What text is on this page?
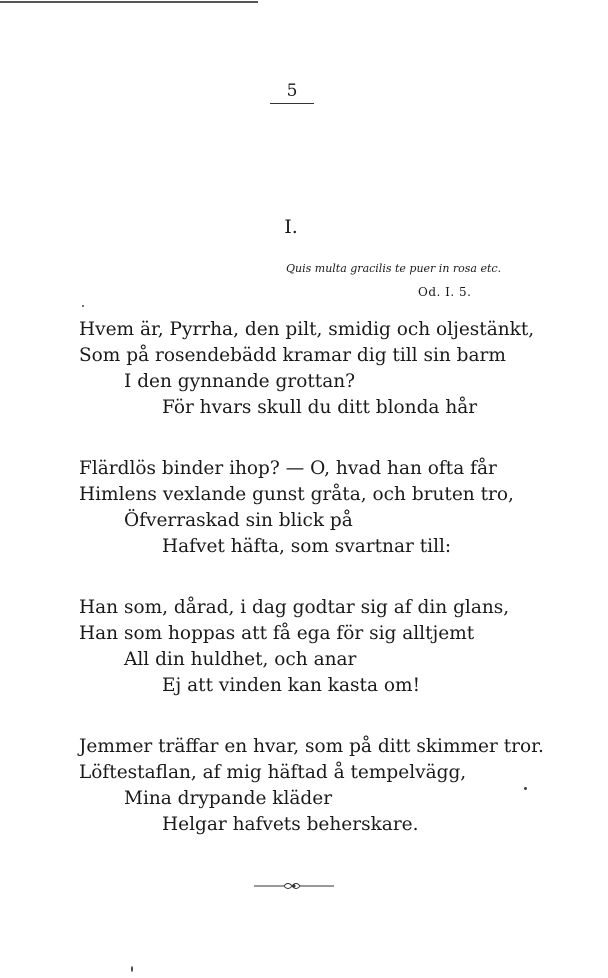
5
I.
Quis multa gracilis te puer in rosa etc.
Od. I. 5.
Hvem är, Pyrrha, den pilt, smidig och oljestänkt,
Som på rosendebädd kramar dig till sin barm
I den gynnande grottan?
För hvars skull du ditt blonda hår
Flärdlös binder ihop? — O, hvad han ofta får
Himlens vexlande gunst gråta, och bruten tro,
Öfverraskad sin blick på
Hafvet häfta, som svartnar till:
Han som, dårad, i dag godtar sig af din glans,
Han som hoppas att få ega för sig alltjemt
All din huldhet, och anar
Ej att vinden kan kasta om!
Jemmer träffar en hvar, som på ditt skimmer tror.
Löftestaflan, af mig häftad å tempelvägg,
Mina drypande kläder
Helgar hafvets beherskare.
